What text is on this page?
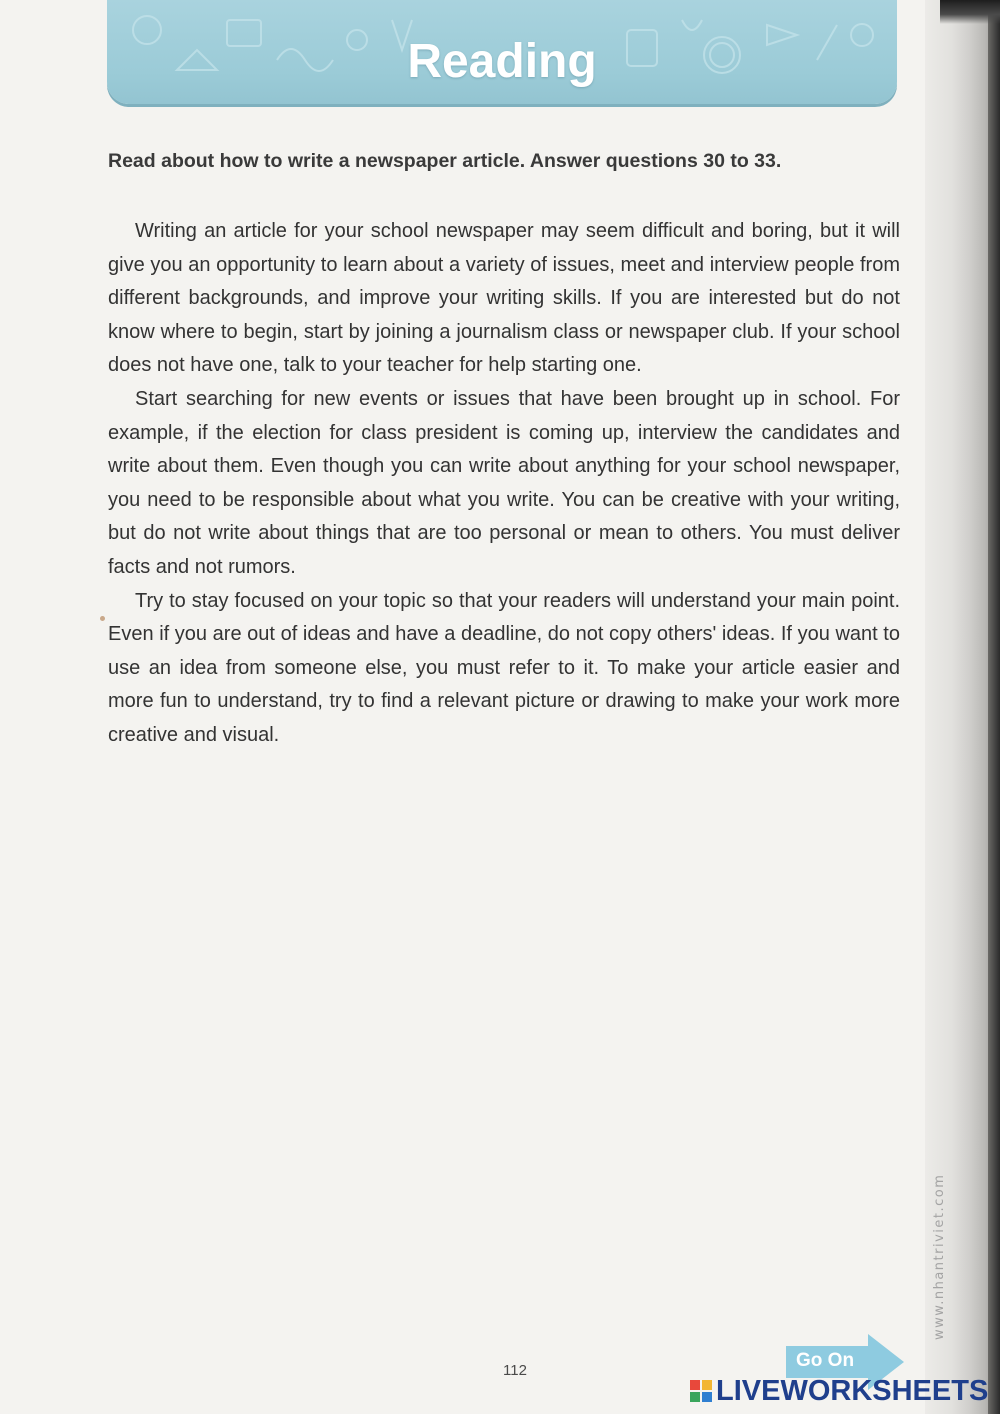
Reading
Read about how to write a newspaper article. Answer questions 30 to 33.

Writing an article for your school newspaper may seem difficult and boring, but it will give you an opportunity to learn about a variety of issues, meet and interview people from different backgrounds, and improve your writing skills. If you are interested but do not know where to begin, start by joining a journalism class or newspaper club. If your school does not have one, talk to your teacher for help starting one.

Start searching for new events or issues that have been brought up in school. For example, if the election for class president is coming up, interview the candidates and write about them. Even though you can write about anything for your school newspaper, you need to be responsible about what you write. You can be creative with your writing, but do not write about things that are too personal or mean to others. You must deliver facts and not rumors.

Try to stay focused on your topic so that your readers will understand your main point. Even if you are out of ideas and have a deadline, do not copy others' ideas. If you want to use an idea from someone else, you must refer to it. To make your article easier and more fun to understand, try to find a relevant picture or drawing to make your work more creative and visual.

112
www.nhantriviet.com
Go On
LIVEWORKSHEETS
